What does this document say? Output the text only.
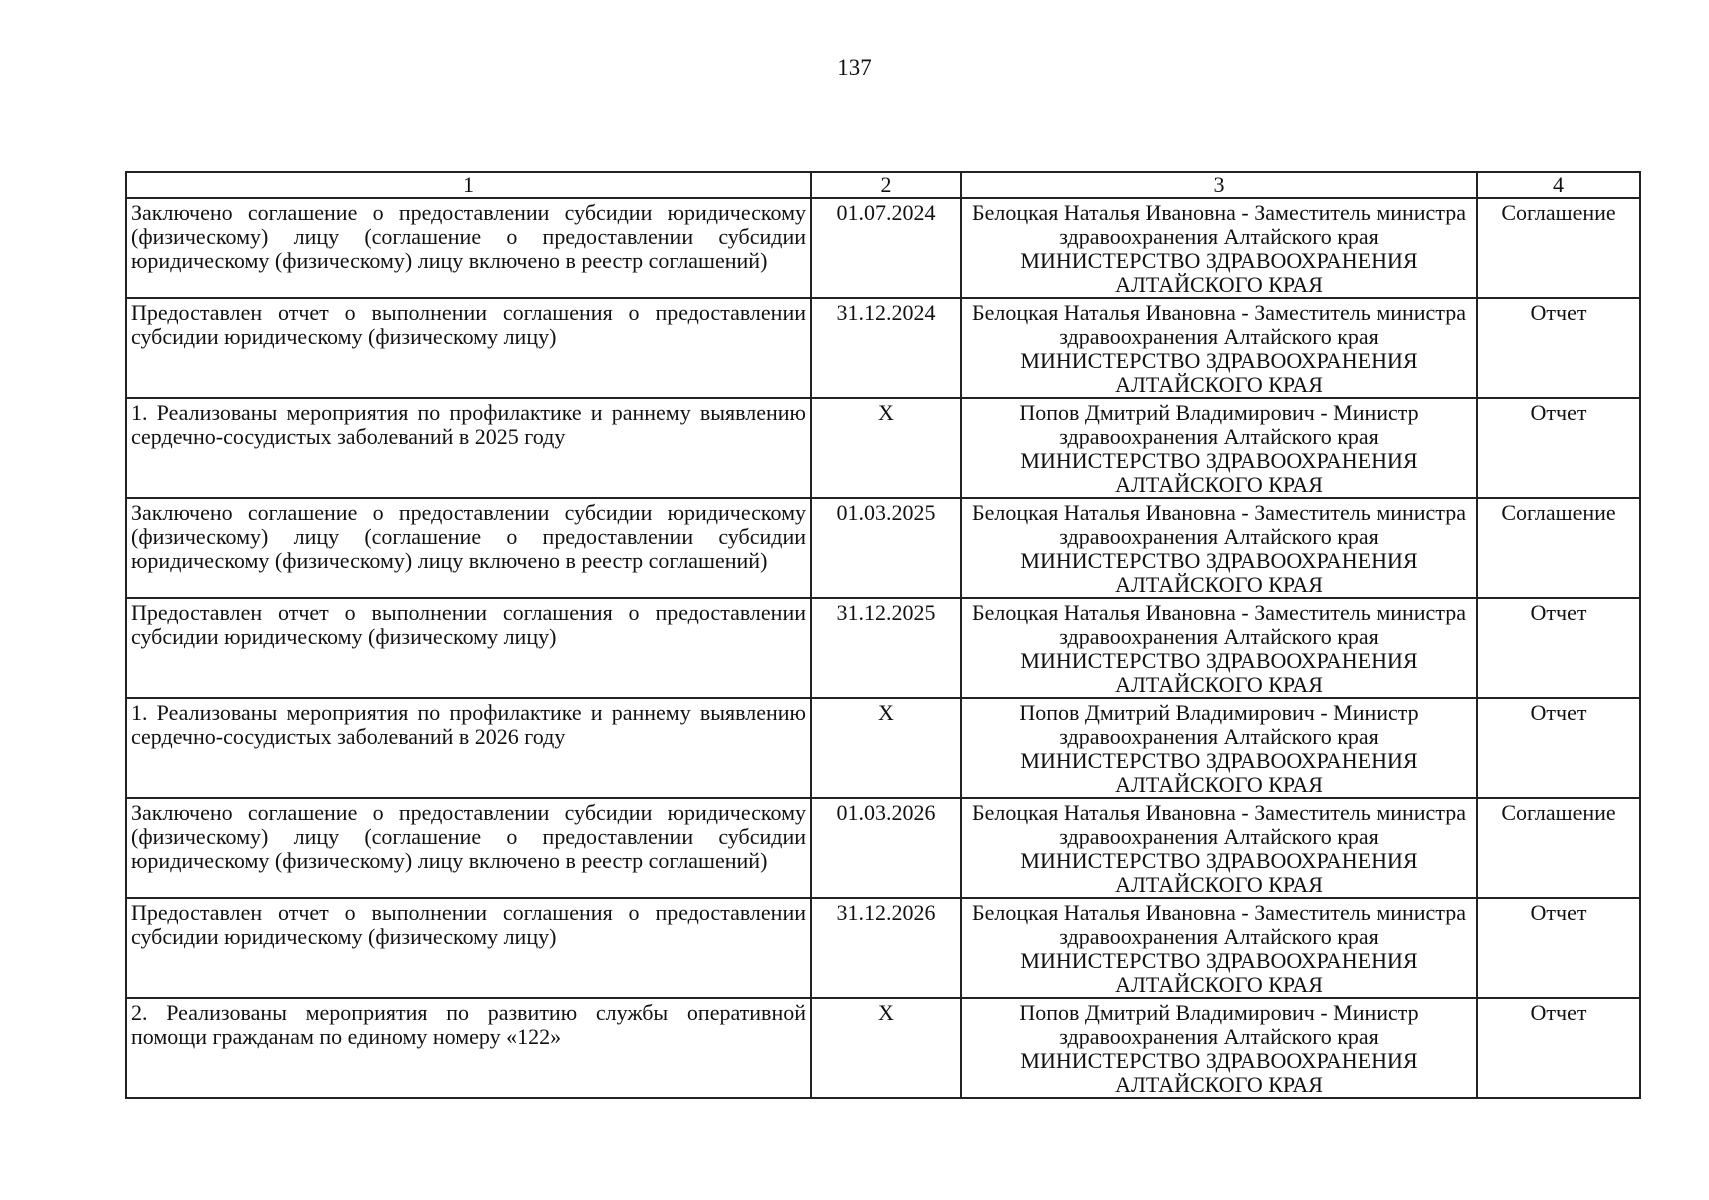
137
1	2	3	4
Заключено соглашение о предоставлении субсидии юридическому (физическому) лицу (соглашение о предоставлении субсидии юридическому (физическому) лицу включено в реестр соглашений)	01.07.2024	Белоцкая Наталья Ивановна - Заместитель министра здравоохранения Алтайского края
МИНИСТЕРСТВО ЗДРАВООХРАНЕНИЯ АЛТАЙСКОГО КРАЯ	Соглашение
Предоставлен отчет о выполнении соглашения о предоставлении субсидии юридическому (физическому лицу)	31.12.2024	Белоцкая Наталья Ивановна - Заместитель министра здравоохранения Алтайского края
МИНИСТЕРСТВО ЗДРАВООХРАНЕНИЯ АЛТАЙСКОГО КРАЯ	Отчет
1. Реализованы мероприятия по профилактике и раннему выявлению сердечно-сосудистых заболеваний в 2025 году	X	Попов Дмитрий Владимирович - Министр здравоохранения Алтайского края
МИНИСТЕРСТВО ЗДРАВООХРАНЕНИЯ АЛТАЙСКОГО КРАЯ	Отчет
Заключено соглашение о предоставлении субсидии юридическому (физическому) лицу (соглашение о предоставлении субсидии юридическому (физическому) лицу включено в реестр соглашений)	01.03.2025	Белоцкая Наталья Ивановна - Заместитель министра здравоохранения Алтайского края
МИНИСТЕРСТВО ЗДРАВООХРАНЕНИЯ АЛТАЙСКОГО КРАЯ	Соглашение
Предоставлен отчет о выполнении соглашения о предоставлении субсидии юридическому (физическому лицу)	31.12.2025	Белоцкая Наталья Ивановна - Заместитель министра здравоохранения Алтайского края
МИНИСТЕРСТВО ЗДРАВООХРАНЕНИЯ АЛТАЙСКОГО КРАЯ	Отчет
1. Реализованы мероприятия по профилактике и раннему выявлению сердечно-сосудистых заболеваний в 2026 году	X	Попов Дмитрий Владимирович - Министр здравоохранения Алтайского края
МИНИСТЕРСТВО ЗДРАВООХРАНЕНИЯ АЛТАЙСКОГО КРАЯ	Отчет
Заключено соглашение о предоставлении субсидии юридическому (физическому) лицу (соглашение о предоставлении субсидии юридическому (физическому) лицу включено в реестр соглашений)	01.03.2026	Белоцкая Наталья Ивановна - Заместитель министра здравоохранения Алтайского края
МИНИСТЕРСТВО ЗДРАВООХРАНЕНИЯ АЛТАЙСКОГО КРАЯ	Соглашение
Предоставлен отчет о выполнении соглашения о предоставлении субсидии юридическому (физическому лицу)	31.12.2026	Белоцкая Наталья Ивановна - Заместитель министра здравоохранения Алтайского края
МИНИСТЕРСТВО ЗДРАВООХРАНЕНИЯ АЛТАЙСКОГО КРАЯ	Отчет
2. Реализованы мероприятия по развитию службы оперативной помощи гражданам по единому номеру «122»	X	Попов Дмитрий Владимирович - Министр здравоохранения Алтайского края
МИНИСТЕРСТВО ЗДРАВООХРАНЕНИЯ АЛТАЙСКОГО КРАЯ	Отчет
